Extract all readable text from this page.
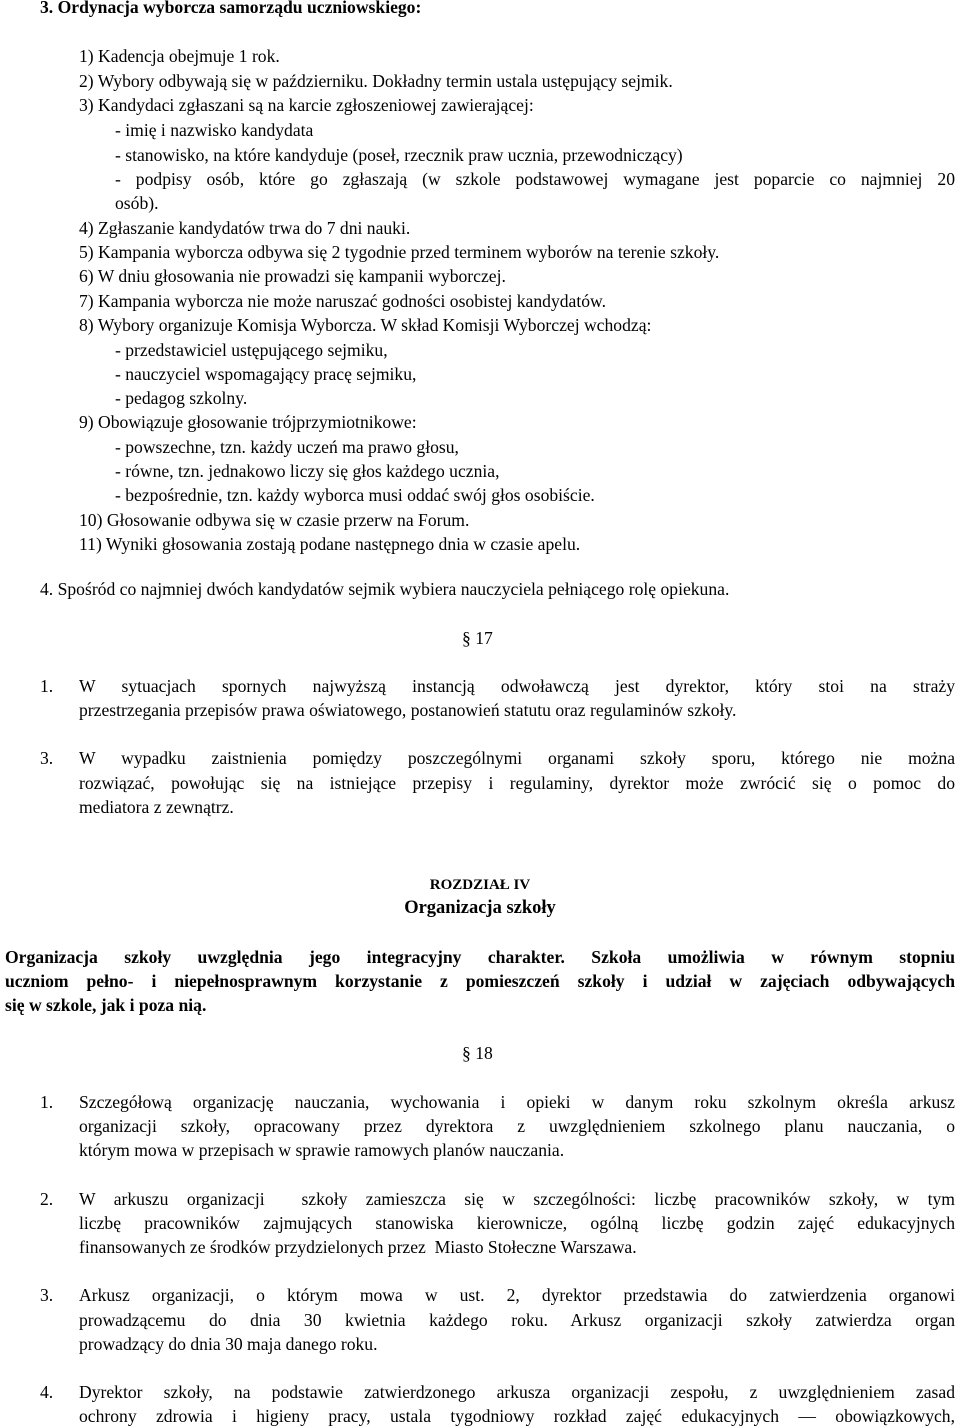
3. Ordynacja wyborcza samorządu uczniowskiego:
1) Kadencja obejmuje 1 rok.
2) Wybory odbywają się w październiku. Dokładny termin ustala ustępujący sejmik.
3) Kandydaci zgłaszani są na karcie zgłoszeniowej zawierającej:
- imię i nazwisko kandydata
- stanowisko, na które kandyduje (poseł, rzecznik praw ucznia, przewodniczący)
- podpisy osób, które go zgłaszają (w szkole podstawowej wymagane jest poparcie co najmniej 20
osób).
4) Zgłaszanie kandydatów trwa do 7 dni nauki.
5) Kampania wyborcza odbywa się 2 tygodnie przed terminem wyborów na terenie szkoły.
6) W dniu głosowania nie prowadzi się kampanii wyborczej.
7) Kampania wyborcza nie może naruszać godności osobistej kandydatów.
8) Wybory organizuje Komisja Wyborcza. W skład Komisji Wyborczej wchodzą:
- przedstawiciel ustępującego sejmiku,
- nauczyciel wspomagający pracę sejmiku,
- pedagog szkolny.
9) Obowiązuje głosowanie trójprzymiotnikowe:
- powszechne, tzn. każdy uczeń ma prawo głosu,
- równe, tzn. jednakowo liczy się głos każdego ucznia,
- bezpośrednie, tzn. każdy wyborca musi oddać swój głos osobiście.
10) Głosowanie odbywa się w czasie przerw na Forum.
11) Wyniki głosowania zostają podane następnego dnia w czasie apelu.
4. Spośród co najmniej dwóch kandydatów sejmik wybiera nauczyciela pełniącego rolę opiekuna.
§ 17
1. W sytuacjach spornych najwyższą instancją odwoławczą jest dyrektor, który stoi na straży
przestrzegania przepisów prawa oświatowego, postanowień statutu oraz regulaminów szkoły.
3. W wypadku zaistnienia pomiędzy poszczególnymi organami szkoły sporu, którego nie można
rozwiązać, powołując się na istniejące przepisy i regulaminy, dyrektor może zwrócić się o pomoc do
mediatora z zewnątrz.
ROZDZIAŁ IV
Organizacja szkoły
Organizacja szkoły uwzględnia jego integracyjny charakter. Szkoła umożliwia w równym stopniu
uczniom pełno- i niepełnosprawnym korzystanie z pomieszczeń szkoły i udział w zajęciach odbywających
się w szkole, jak i poza nią.
§ 18
1. Szczegółową organizację nauczania, wychowania i opieki w danym roku szkolnym określa arkusz
organizacji szkoły, opracowany przez dyrektora z uwzględnieniem szkolnego planu nauczania, o
którym mowa w przepisach w sprawie ramowych planów nauczania.
2. W arkuszu organizacji  szkoły zamieszcza się w szczególności: liczbę pracowników szkoły, w tym
liczbę pracowników zajmujących stanowiska kierownicze, ogólną liczbę godzin zajęć edukacyjnych
finansowanych ze środków przydzielonych przez  Miasto Stołeczne Warszawa.
3. Arkusz organizacji, o którym mowa w ust. 2, dyrektor przedstawia do zatwierdzenia organowi
prowadzącemu do dnia 30 kwietnia każdego roku. Arkusz organizacji szkoły zatwierdza organ
prowadzący do dnia 30 maja danego roku.
4. Dyrektor szkoły, na podstawie zatwierdzonego arkusza organizacji zespołu, z uwzględnieniem zasad
ochrony zdrowia i higieny pracy, ustala tygodniowy rozkład zajęć edukacyjnych — obowiązkowych,
